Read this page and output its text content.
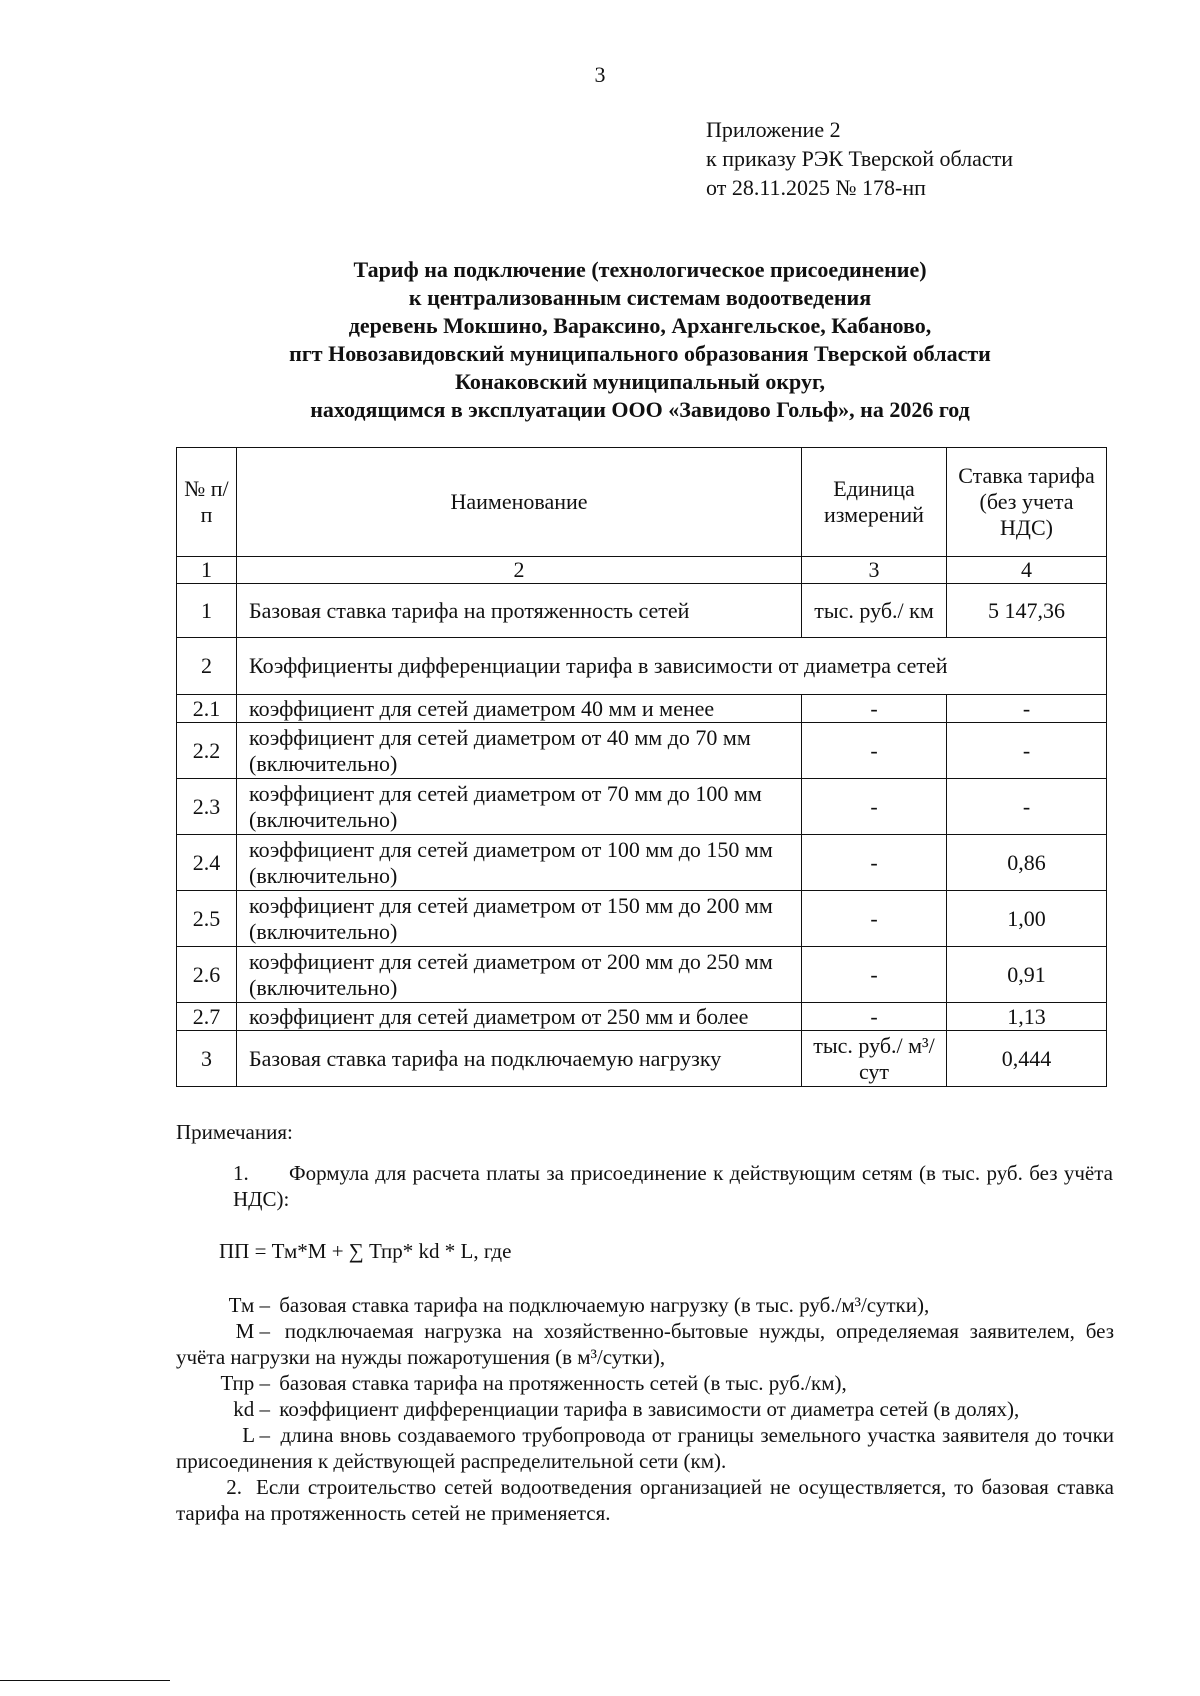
3
Приложение 2
к приказу РЭК Тверской области
от 28.11.2025 № 178-нп
Тариф на подключение (технологическое присоединение)
к централизованным системам водоотведения
деревень Мокшино, Вараксино, Архангельское, Кабаново,
пгт Новозавидовский муниципального образования Тверской области
Конаковский муниципальный округ,
находящимся в эксплуатации ООО «Завидово Гольф», на 2026 год
№ п/п	Наименование	Единица измерений	Ставка тарифа (без учета НДС)
1	2	3	4
1	Базовая ставка тарифа на протяженность сетей	тыс. руб./ км	5 147,36
2	Коэффициенты дифференциации тарифа в зависимости от диаметра сетей		
2.1	коэффициент для сетей диаметром 40 мм и менее	-	-
2.2	коэффициент для сетей диаметром от 40 мм до 70 мм (включительно)	-	-
2.3	коэффициент для сетей диаметром от 70 мм до 100 мм (включительно)	-	-
2.4	коэффициент для сетей диаметром от 100 мм до 150 мм (включительно)	-	0,86
2.5	коэффициент для сетей диаметром от 150 мм до 200 мм (включительно)	-	1,00
2.6	коэффициент для сетей диаметром от 200 мм до 250 мм (включительно)	-	0,91
2.7	коэффициент для сетей диаметром от 250 мм и более	-	1,13
3	Базовая ставка тарифа на подключаемую нагрузку	тыс. руб./ м³/сут	0,444
Примечания:
1. Формула для расчета платы за присоединение к действующим сетям (в тыс. руб. без учёта НДС):
ПП = Тм*М + ∑ Тпр* kd * L, где
Тм – базовая ставка тарифа на подключаемую нагрузку (в тыс. руб./м³/сутки),
М – подключаемая нагрузка на хозяйственно-бытовые нужды, определяемая заявителем, без учёта нагрузки на нужды пожаротушения (в м³/сутки),
Тпр – базовая ставка тарифа на протяженность сетей (в тыс. руб./км),
kd – коэффициент дифференциации тарифа в зависимости от диаметра сетей (в долях),
L – длина вновь создаваемого трубопровода от границы земельного участка заявителя до точки присоединения к действующей распределительной сети (км).
2. Если строительство сетей водоотведения организацией не осуществляется, то базовая ставка тарифа на протяженность сетей не применяется.
